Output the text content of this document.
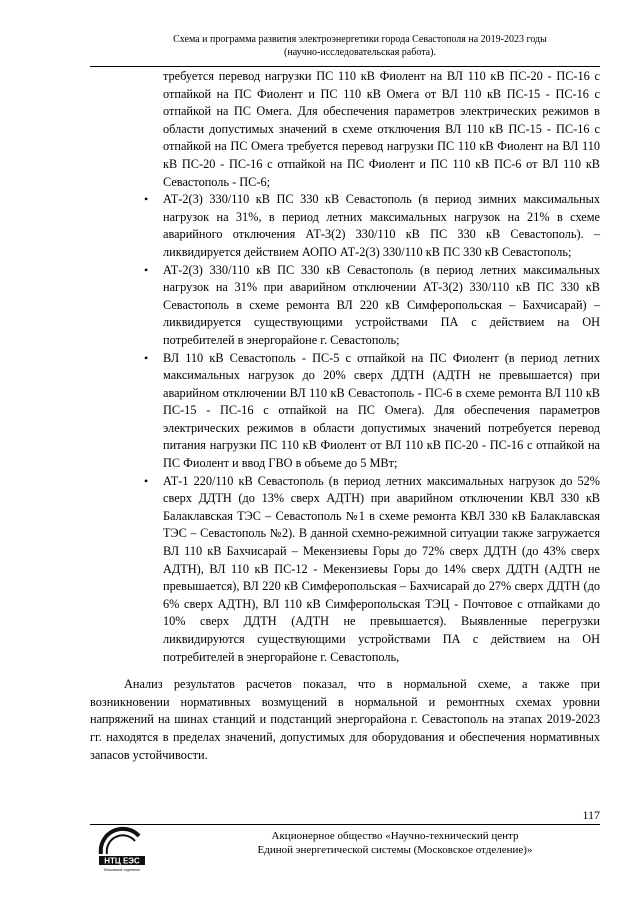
Схема и программа развития электроэнергетики города Севастополя на 2019-2023 годы
(научно-исследовательская работа).
требуется перевод нагрузки ПС 110 кВ Фиолент на ВЛ 110 кВ ПС-20 - ПС-16 с отпайкой на ПС Фиолент и ПС 110 кВ Омега от ВЛ 110 кВ ПС-15 - ПС-16 с отпайкой на ПС Омега. Для обеспечения параметров электрических режимов в области допустимых значений в схеме отключения ВЛ 110 кВ ПС-15 - ПС-16 с отпайкой на ПС Омега требуется перевод нагрузки ПС 110 кВ Фиолент на ВЛ 110 кВ ПС-20 - ПС-16 с отпайкой на ПС Фиолент и ПС 110 кВ ПС-6 от ВЛ 110 кВ Севастополь - ПС-6;
• АТ-2(3) 330/110 кВ ПС 330 кВ Севастополь (в период зимних максимальных нагрузок на 31%, в период летних максимальных нагрузок на 21% в схеме аварийного отключения АТ-3(2) 330/110 кВ ПС 330 кВ Севастополь). – ликвидируется действием АОПО АТ-2(3) 330/110 кВ ПС 330 кВ Севастополь;
• АТ-2(3) 330/110 кВ ПС 330 кВ Севастополь (в период летних максимальных нагрузок на 31% при аварийном отключении АТ-3(2) 330/110 кВ ПС 330 кВ Севастополь в схеме ремонта ВЛ 220 кВ Симферопольская – Бахчисарай) – ликвидируется существующими устройствами ПА с действием на ОН потребителей в энергорайоне г. Севастополь;
• ВЛ 110 кВ Севастополь - ПС-5 с отпайкой на ПС Фиолент (в период летних максимальных нагрузок до 20% сверх ДДТН (АДТН не превышается) при аварийном отключении ВЛ 110 кВ Севастополь - ПС-6 в схеме ремонта ВЛ 110 кВ ПС-15 - ПС-16 с отпайкой на ПС Омега). Для обеспечения параметров электрических режимов в области допустимых значений потребуется перевод питания нагрузки ПС 110 кВ Фиолент от ВЛ 110 кВ ПС-20 - ПС-16 с отпайкой на ПС Фиолент и ввод ГВО в объеме до 5 МВт;
• АТ-1 220/110 кВ Севастополь (в период летних максимальных нагрузок до 52% сверх ДДТН (до 13% сверх АДТН) при аварийном отключении КВЛ 330 кВ Балаклавская ТЭС – Севастополь №1 в схеме ремонта КВЛ 330 кВ Балаклавская ТЭС – Севастополь №2). В данной схемно-режимной ситуации также загружается ВЛ 110 кВ Бахчисарай – Мекензиевы Горы до 72% сверх ДДТН (до 43% сверх АДТН), ВЛ 110 кВ ПС-12 - Мекензиевы Горы до 14% сверх ДДТН (АДТН не превышается), ВЛ 220 кВ Симферопольская – Бахчисарай до 27% сверх ДДТН (до 6% сверх АДТН), ВЛ 110 кВ Симферопольская ТЭЦ - Почтовое с отпайками до 10% сверх ДДТН (АДТН не превышается). Выявленные перегрузки ликвидируются существующими устройствами ПА с действием на ОН потребителей в энергорайоне г. Севастополь,

Анализ результатов расчетов показал, что в нормальной схеме, а также при возникновении нормативных возмущений в нормальной и ремонтных схемах уровни напряжений на шинах станций и подстанций энергорайона г. Севастополь на этапах 2019-2023 гг. находятся в пределах значений, допустимых для оборудования и обеспечения нормативных запасов устойчивости.

117
НТЦ ЕЭС
Московское отделение
Акционерное общество «Научно-технический центр
Единой энергетической системы (Московское отделение)»
